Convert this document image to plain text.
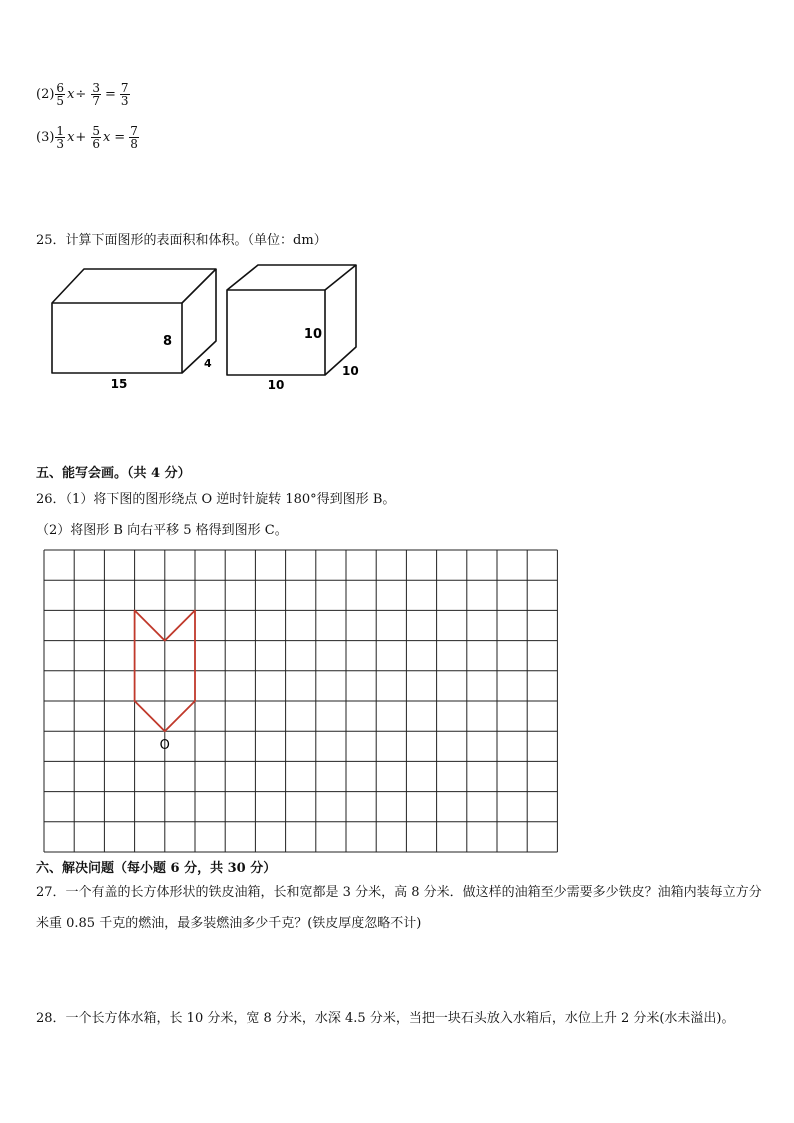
$(2) \frac{6}{5}$ $x \div \frac{3}{7} = \frac{7}{3}$
$(3) \frac{1}{3}$ $x + \frac{5}{6}$ $x = \frac{7}{8}$
25．计算下面图形的表面积和体积。（单位：dm）
8
4
15
10
10
10
五、能写会画。（共 4 分）
26．（1）将下图的图形绕点 O 逆时针旋转 180°得到图形 B。
（2）将图形 B 向右平移 5 格得到图形 C。
O
六、解决问题（每小题 6 分，共 30 分）
27．一个有盖的长方体形状的铁皮油箱，长和宽都是 3 分米，高 8 分米．做这样的油箱至少需要多少铁皮？油箱内装每立方分米重 0.85 千克的燃油，最多装燃油多少千克？(铁皮厚度忽略不计)
28．一个长方体水箱，长 10 分米，宽 8 分米，水深 4.5 分米，当把一块石头放入水箱后，水位上升 2 分米(水未溢出)。
